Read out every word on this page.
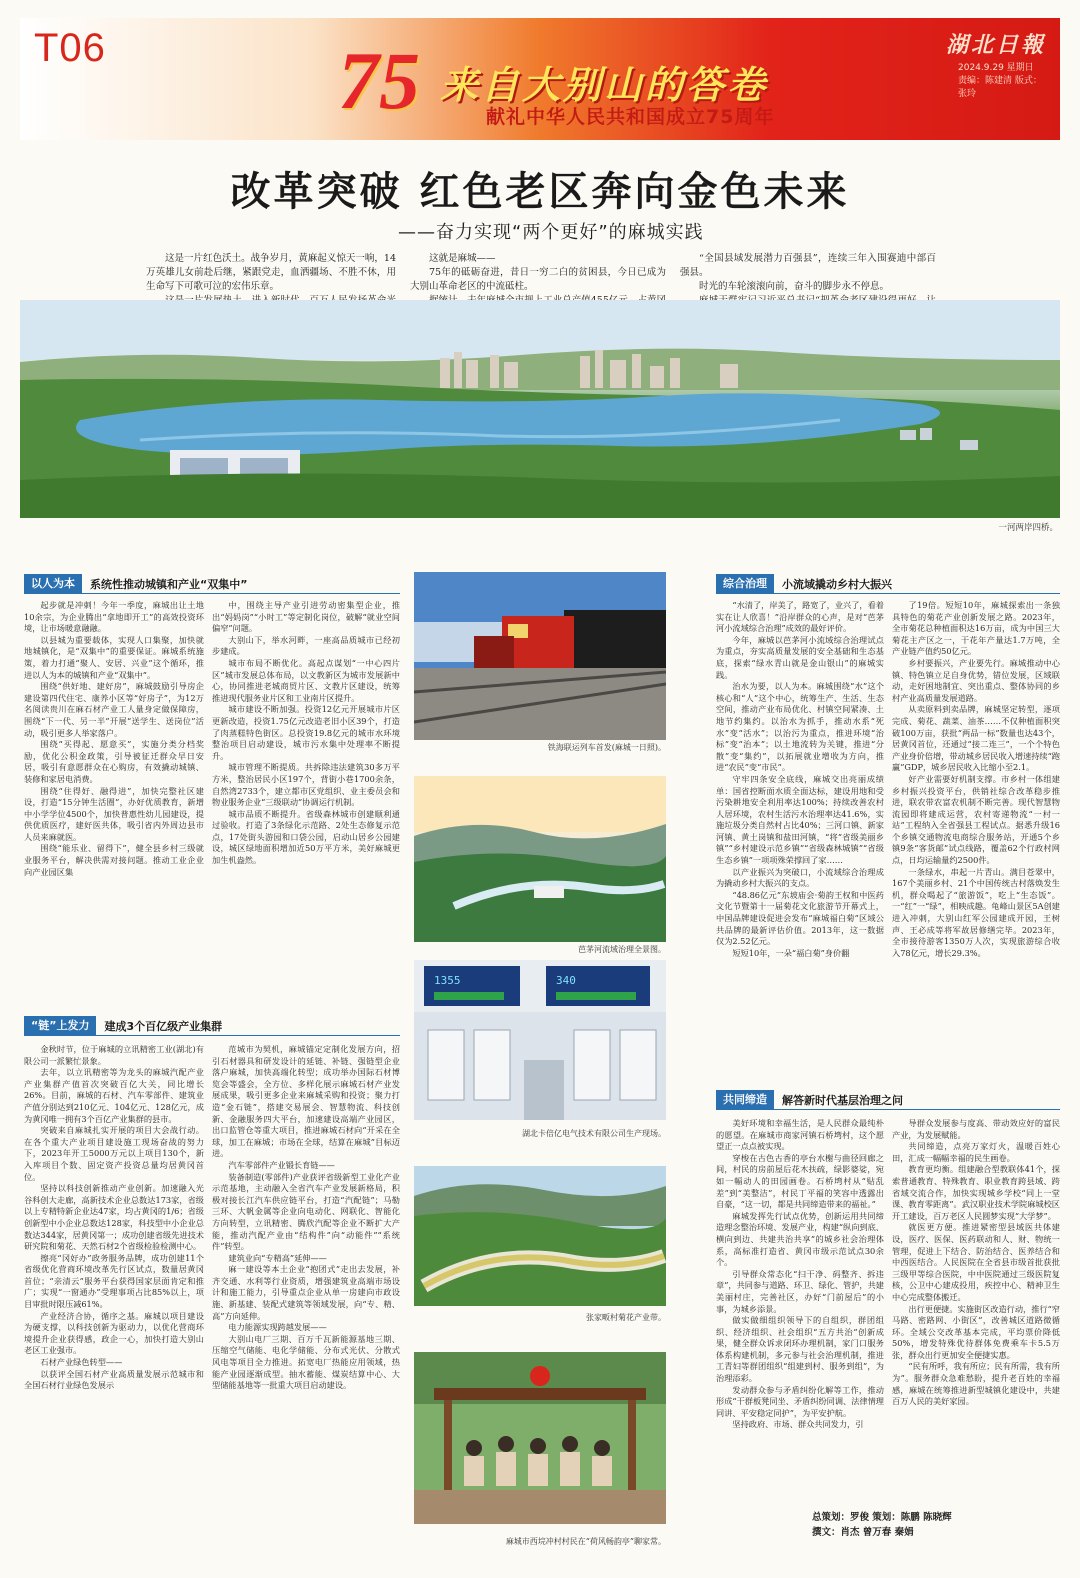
T06	75 来自大别山的答卷
献礼中华人民共和国成立75周年
湖北日報
2024.9.29 星期日
责编：陈建清 版式：张玲
改革突破 红色老区奔向金色未来
——奋力实现“两个更好”的麻城实践

这是一片红色沃土。战争岁月，黄麻起义惊天一响，14万英雄儿女前赴后继，紧跟党走，血洒疆场、不胜不休，用生命写下可歌可泣的宏伟乐章。

这就是麻城——

75年的砥砺奋进，昔日一穷二白的贫困县，今日已成为大别山革命老区的中流砥柱。

“全国县域发展潜力百强县”，连续三年入围赛迪中部百强县。

时光的车轮滚滚向前，奋斗的脚步永不停息。

一河两岸四桥。
以人为本	系统性推动城镇和产业“双集中”

起步就是冲刺！今年一季度，麻城出让土地10余宗，为企业腾出“拿地即开工”的高效投资环境，让市场暖意融融。

以县城为重要载体，实现人口集聚，加快就地城镇化，是“双集中”的重要保证。麻城系统施策，着力打通“聚人、安居、兴业”这个循环，推进以人为本的城镇和产业“双集中”。

围绕“供好地、建好房”，麻城鼓励引导房企建设第四代住宅、康养小区等“好房子”，为12万名阅读贵川在麻石材产业工人量身定做保障房，围绕“下一代、另一半”开展“送学生、送岗位”活动，吸引更多人举家落户。

围绕“买得起、愿意买”，实施分类分档奖励，优化公积金政策，引导被征迁群众早日安居，吸引有意愿群众在心购房，有效撬动城镇、装修和家居电消费。

围绕“住得好、融得进”，加快完整社区建设，打造“15分钟生活圈”，办好优质教育，新增中小学学位4500个，加快普惠性幼儿园建设，提供优质医疗，建好医共体，吸引省内外周边县市人员来麻就医。

围绕“能乐业、留得下”，健全县乡村三级就业服务平台，解决供需对接问题。推动工业企业向产业园区集

中，围绕主导产业引进劳动密集型企业，推出“妈妈岗”“小时工”等定制化岗位，破解“就业空间偏窄”问题。

大别山下，举水河畔，一座高品质城市已经初步建成。

城市布局不断优化。高起点谋划“一中心四片区”城市发展总体布局，以文教新区为城市发展新中心，协同推进老城商贸片区、文教片区建设，统筹推进现代服务业片区和工业南片区提升。

城市建设不断加强。投资12亿元开展城市片区更新改造，投资1.75亿元改造老旧小区39个，打造了肉蒸糕特色街区。总投资19.8亿元的城市水环境整治项目启动建设，城市污水集中处理率不断提升。

城市管理不断提质。共拆除违法建筑30多万平方米，整治居民小区197个，背街小巷1700余条，自然湾2733个，建立都市区党组织、业主委员会和物业服务企业“三级联动”协调运行机制。

城市品质不断提升。省级森林城市创建顺利通过验收。打造了3条绿化示范路、2处生态修复示范点，17处街头游园和口袋公园，启动山居乡公园建设，城区绿地面积增加近50万平方米，美好麻城更加生机盎然。

“链”上发力	建成3个百亿级产业集群

金秋时节，位于麻城的立讯精密工业(湖北)有限公司一派繁忙景象。

去年，以立讯精密等为龙头的麻城汽配产业产业集群产值首次突破百亿大关，同比增长26%。目前，麻城的石材、汽车零部件、建筑业产值分别达到210亿元、104亿元、128亿元，成为黄冈唯一拥有3个百亿产业集群的县市。

突破来自麻城扎实开展的项目大会战行动。在各个重大产业项目建设施工现场奋战的努力下，2023年开工5000万元以上项目130个，新入库项目个数、固定资产投资总量均居黄冈首位。

坚持以科技创新推动产业创新。加速融入光谷科创大走廊，高新技术企业总数达173家，省级以上专精特新企业达47家，均占黄冈的1/6；省级创新型中小企业总数达128家，科技型中小企业总数达344家，居黄冈第一；成功创建省级先进技术研究院和菊花、天然石材2个省级检验检测中心。

擦亮“冈好办”政务服务品牌，成功创建11个省级优化营商环境改革先行区试点，数量居黄冈首位；“亲清云”服务平台获得国家层面肯定和推广；实现“一窗通办”受理事项占比85%以上，项目审批时限压减61%。

产业经济合协，循序之基。麻城以项目建设为硬支撑，以科技创新为驱动力，以优化营商环境提升企业获得感，政企一心，加快打造大别山老区工业强市。

石材产业绿色转型——

以获评全国石材产业高质量发展示范城市和全国石材行业绿色发展示

范城市为契机，麻城锚定定制化发展方向，招引石材器具和研发设计的延链、补链、强链型企业落户麻城，加快高端化转型；成功举办国际石材博览会等盛会，全方位、多样化展示麻城石材产业发展成果，吸引更多企业来麻城采购和投资；聚力打造“金石链”，搭建交易展会、智慧物流、科技创新、金融服务四大平台，加速建设高端产业园区，出口监管仓等重大项目，推进麻城石材向“开采在全球，加工在麻城；市场在全球，结算在麻城”目标迈进。

汽车零部件产业锻长育链——

装备制造(零部件)产业获评省级新型工业化产业示范基地，主动融入全省汽车产业发展新格局，积极对接长江汽车供应链平台，打造“汽配链”；马勒三环、大帆金属等企业向电动化、网联化、智能化方向转型，立讯精密、腾欣汽配等企业不断扩大产能，推动汽配产业由“结构件”向“动能件”“系统件”转型。

建筑业向“专精高”延伸——

麻一建设等本土企业“抱团式”走出去发展，补齐交通、水利等行业资质，增强建筑业高端市场设计和施工能力，引导重点企业从单一房建向市政设施、新基建、装配式建筑等领域发展，向“专、精、高”方向延伸。

电力能源实现跨越发展——

大别山电厂三期、百万千瓦新能源基地三期、压缩空气储能、电化学储能、分布式光伏、分散式风电等项目全力推进。拓宽电厂热能应用领域，热能产业园逐渐成型。抽水蓄能、煤炭结算中心、大型储能基地等一批重大项目启动建设。

铁海联运列车首发(麻城一日照)。
芭茅河流域治理全景图。
1355	340
湖北卡倍亿电气技术有限公司生产现场。
张家畈村菊花产业带。
麻城市西垸冲村村民在“荷风畅韵亭”聊家常。
综合治理	小流域撬动乡村大振兴

“水清了，岸美了，路宽了，业兴了，看着实在让人欣喜！”沿岸群众的心声，是对“芭茅河小流域综合治理”成效的最好评价。

今年，麻城以芭茅河小流域综合治理试点为重点，夯实高质量发展的安全基础和生态基底，探索“绿水青山就是金山银山”的麻城实践。

治水为要，以人为本。麻城围绕“水”这个核心和“人”这个中心，统筹生产、生活、生态空间，推动产业布局优化、村镇空间紧凑、土地节约集约。以治水为抓手，推动水系“死水”变“活水”；以治污为重点，推进环境“治标”变“治本”；以土地流转为关键，推进“分散”变“集约”，以拓展就业增收为方向，推进“农民”变“市民”。

守牢四条安全底线，麻城交出亮丽成绩单：国省控断面水质全面达标，建设用地和受污染耕地安全利用率达100%；持续改善农村人居环境，农村生活污水治理率达41.6%，实施垃圾分类自然村占比40%；三河口镇、新家河镇、黄土岗镇和盐田河镇，“将”省级美丽乡镇”“乡村建设示范乡镇”“省级森林城镇”“省级生态乡镇”一项项殊荣撑回了家……

以产业振兴为突破口，小流域综合治理成为撬动乡村大振兴的支点。

“48.86亿元”东坡庙会·菊韵王权和中医药文化节暨第十一届菊花文化旅游节开幕式上，中国品牌建设促进会发布“麻城福白菊”区域公共品牌的最新评估价值。2013年，这一数据仅为2.52亿元。

短短10年，一朵“福白菊”身价翻

了19倍。短短10年，麻城探索出一条独具特色的菊花产业创新发展之路。2023年，全市菊花总种植面积达16万亩，成为中国三大菊花主产区之一，干花年产量达1.7万吨，全产业链产值约50亿元。

乡村要振兴，产业要先行。麻城推动中心镇、特色镇立足自身优势，错位发展，区域联动，走好困地制宜、突出重点、整体协同的乡村产业高质量发展道路。

从卖原料到卖品牌，麻城坚定转型，逐项完成、菊花、蔬菜、油茶……不仅种植面积突破100万亩，获批“两品一标”数量也达43个，居黄冈首位，还通过“接二连三”，一个个特色产业身价倍增，带动城乡居民收入增速持续“跑赢”GDP，城乡居民收入比缩小至2.1。

好产业需要好机制支撑。市乡村一体组建乡村振兴投资平台，供销社综合改革稳步推进，联农带农富农机制不断完善。现代智慧物流园即将建成运营，农村寄递物流“一村一站”工程纳入全省强县工程试点。据悉升级16个乡镇交通物流电商综合服务站，开通5个乡镇9条“客货邮”试点线路，覆盖62个行政村网点，日均运输量约2500件。

一条绿水，串起一片青山。满目苍翠中，167个美丽乡村、21个中国传统古村落焕发生机，群众喝起了“旅游饭”，吃上“生态饭”。一“红”一“绿”，相映成趣。龟峰山景区5A创建进入冲刺，大别山红军公园建成开园，王树声、王必成等将军故居修缮完毕。2023年，全市接待游客1350万人次，实现旅游综合收入78亿元，增长29.3%。

共同缔造	解答新时代基层治理之问

美好环境和幸福生活，是人民群众最纯朴的愿望。在麻城市商家河镇石桥塆村，这个愿望正一点点被实现。

穿梭在古色古香的亭台水榭与曲径回廊之间，村民的房前屋后花木扶疏，绿影婆娑，宛如一幅动人的田园画卷。石桥塆村从“贴乱差”到“美整洁”，村民丁平福的笑容中透露出自豪，“这一切，都是共同缔造带来的福祉。”

麻城发挥先行试点优势，创新运用共同缔造理念整治环境、发展产业，构建“纵向到底、横向到边、共建共治共享”的城乡社会治理体系，高标准打造省、黄冈市级示范试点30余个。

引导群众常态化“扫干净、码整齐、拆违章”，共同参与道路、环卫、绿化、管护，共建美丽村庄，完善社区，办好“门前屋后”的小事，为城乡添景。

做实做细组织领导下的自组织，群团组织、经济组织、社会组织“五方共治”创新成果，健全群众诉求闭环办理机制，家门口服务体系构建机制，多元参与社会治理机制，推进工青妇等群团组织“组建到村、服务到组”，为治理添彩。

发动群众参与矛盾纠纷化解等工作，推动形成“干群板凳同坐、矛盾纠纷同调、法律情理同讲、平安稳定同护”，为平安护航。

坚持政府、市场、群众共同发力，引

导群众发展参与度高、带动效应好的富民产业，为发展赋能。

共同缔造，点亮万家灯火，温暖百姓心田，汇成一幅幅幸福的民生画卷。

教育更均衡。组建融合型教联体41个，探索普通教育、特殊教育、职业教育跨县域、跨省域交流合作，加快实现城乡学校“同上一堂课、教育零距离”。武汉职业技术学院麻城校区开工建设，百万老区人民圆梦实现“大学梦”。

就医更方便。推进紧密型县域医共体建设，医疗、医保、医药联动和人、财、物统一管理，促进上下结合、防治结合、医养结合和中西医结合。人民医院在全省县市级首批获批三级甲等综合医院，中中医院通过三级医院复核，公卫中心建成投用，疾控中心、精神卫生中心完成整体搬迁。

出行更便捷。实施街区改造行动，推行“窄马路、密路网、小街区”，改善城区道路微循环。全域公交改革基本完成，平均票价降低50%，增发特殊优待群体免费乘车卡5.5万张，群众出行更加安全便捷实惠。

“民有所呼，我有所应；民有所需，我有所为”。服务群众急难愁盼，提升老百姓的幸福感，麻城在统筹推进新型城镇化建设中，共建百万人民的美好家园。

总策划：罗俊 策划：陈鹏 陈晓辉
撰文：肖杰 曾万春 秦娟
